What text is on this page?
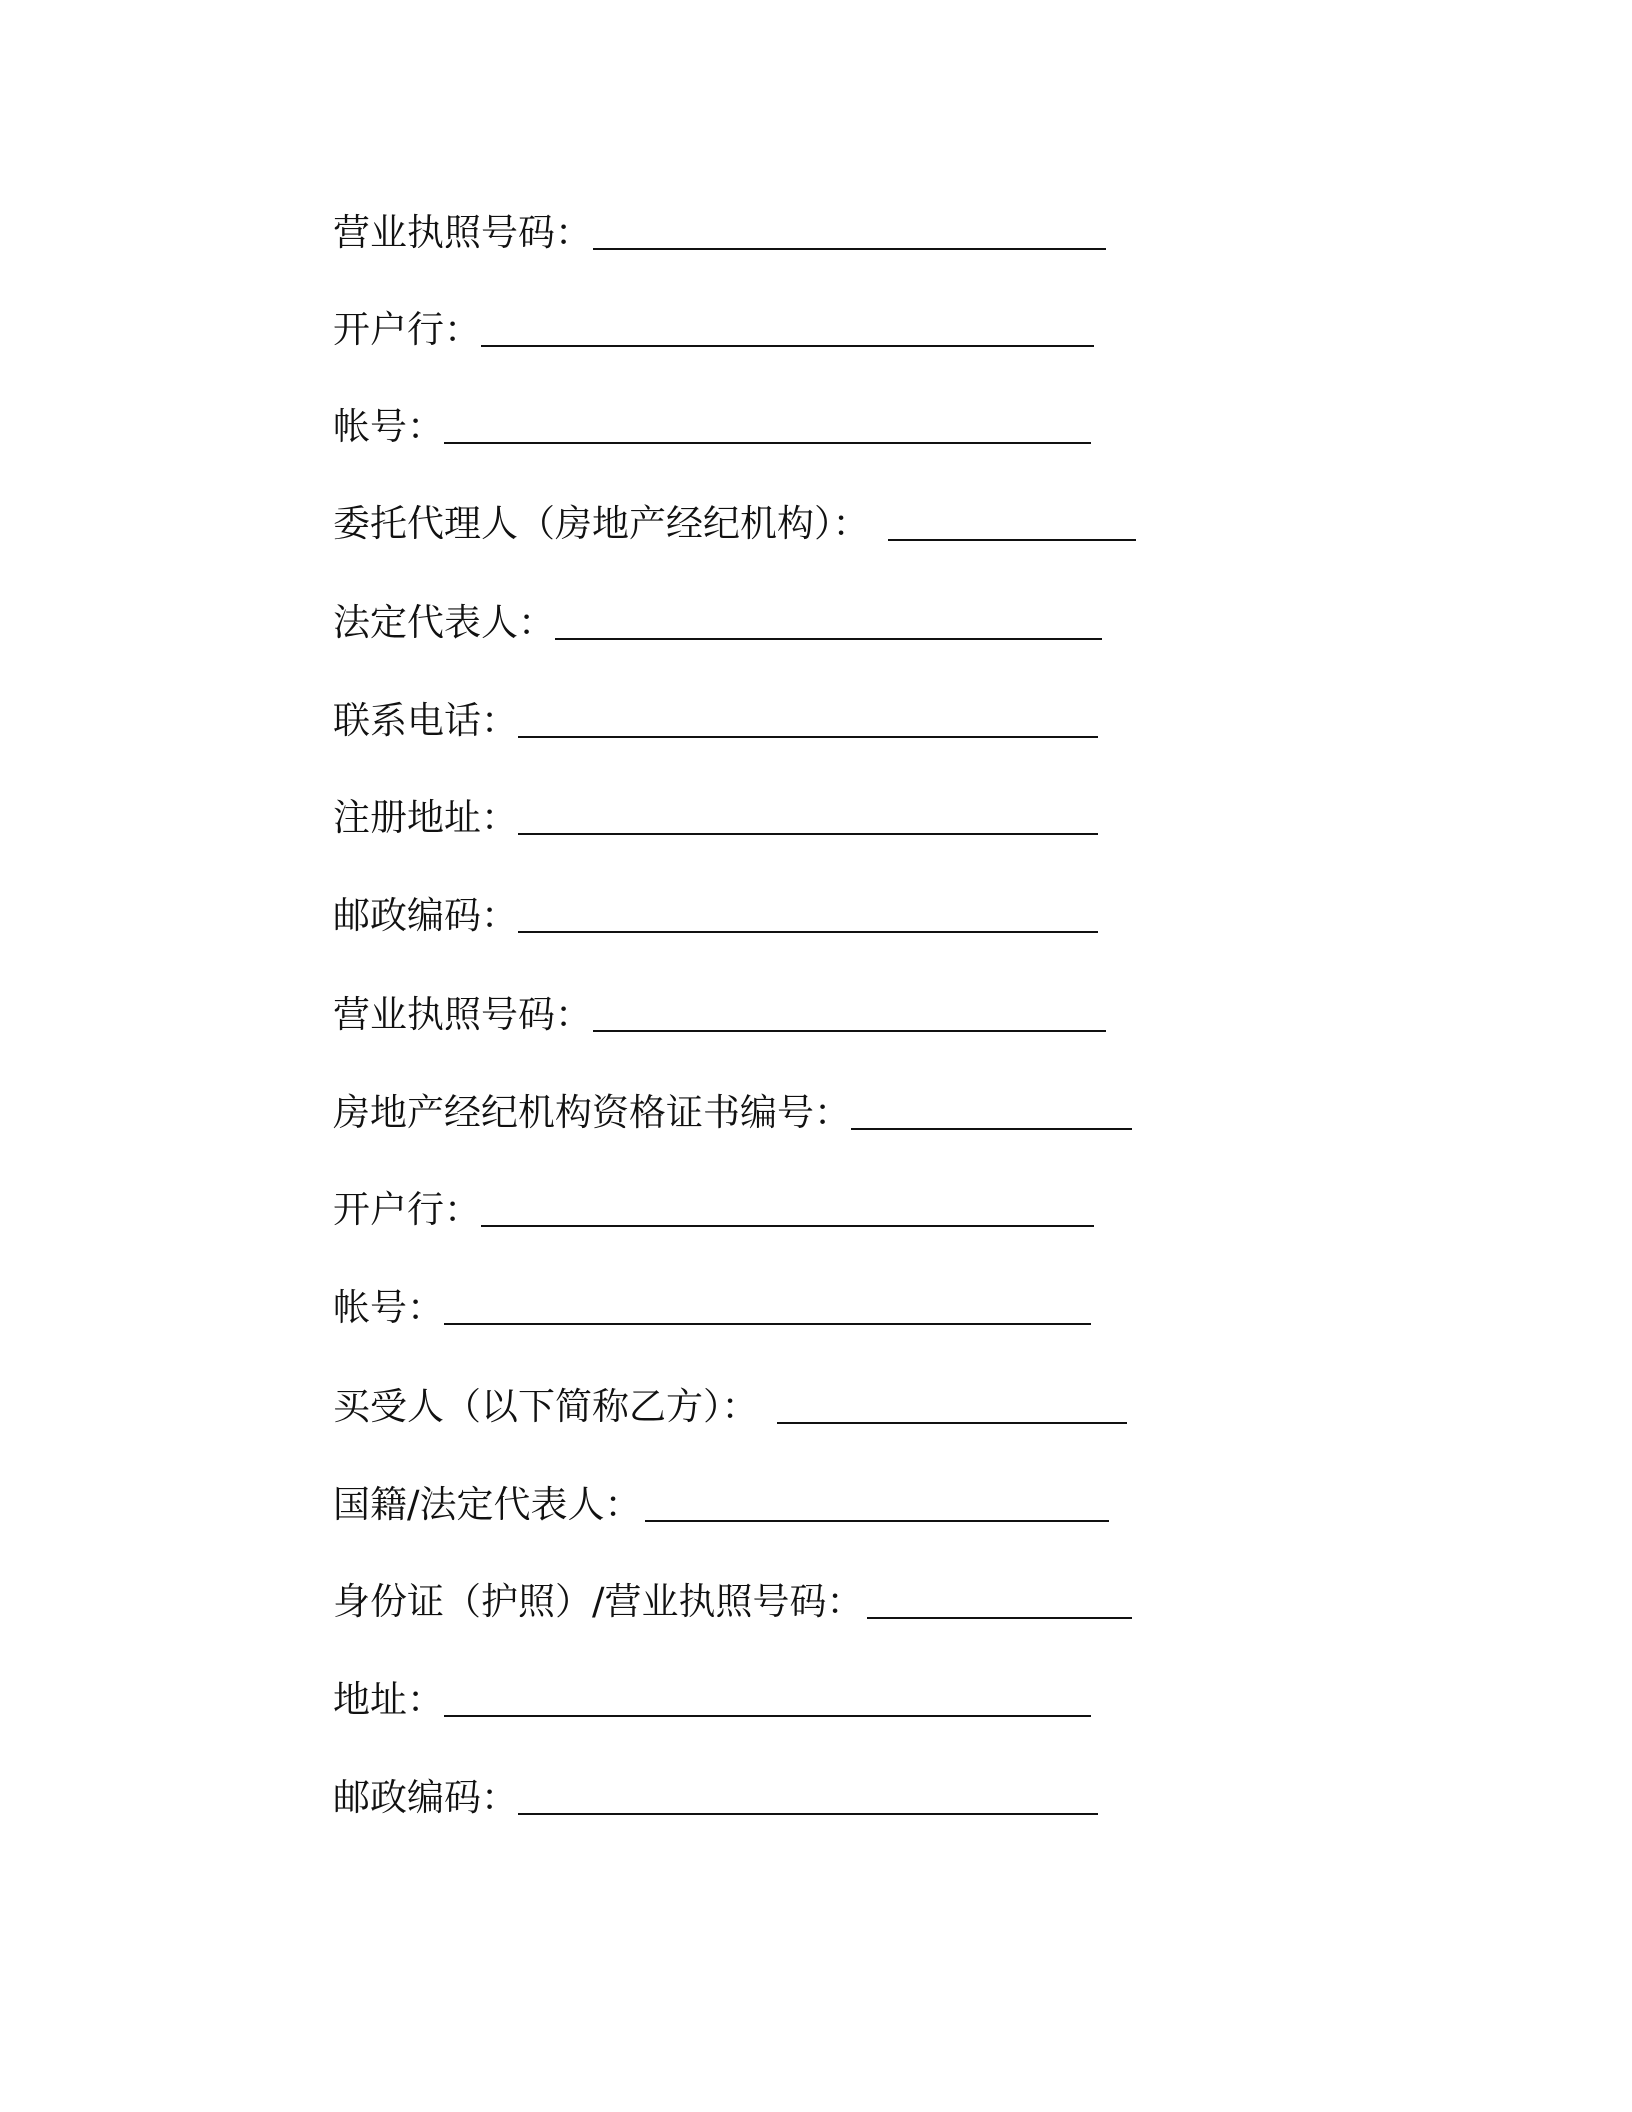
营业执照号码：
开户行：
帐号：
委托代理人（房地产经纪机构）：
法定代表人：
联系电话：
注册地址：
邮政编码：
营业执照号码：
房地产经纪机构资格证书编号：
开户行：
帐号：
买受人（以下简称乙方）：
国籍/法定代表人：
身份证（护照）/营业执照号码：
地址：
邮政编码：
